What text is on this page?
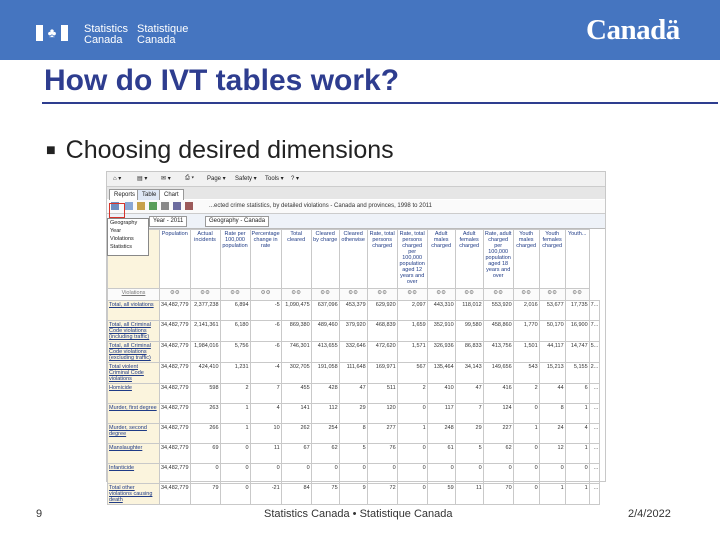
♣	Statistics
Canada
Statistique
Canada	Canadä
How do IVT tables work?
■ Choosing desired dimensions
⌂ ▾	▤ ▾ ✉ ▾ ⎙ ▾ Page ▾ Safety ▾ Tools ▾ ? ▾
Reports	Table	Chart
...ected crime statistics, by detailed violations - Canada and provinces, 1998 to 2011
Year - 2011	Geography - Canada
Geography
Year
Violations
Statistics
	Population	Actual incidents	Rate per 100,000 population	Percentage change in rate	Total cleared	Cleared by charge	Cleared otherwise	Rate, total persons charged	Rate, total persons charged per 100,000 population aged 12 years and over	Adult males charged	Adult females charged	Rate, adult charged per 100,000 population aged 18 years and over	Youth males charged	Youth females charged	Youth...	
Violations	⚙⚙	⚙⚙	⚙⚙	⚙⚙	⚙⚙	⚙⚙	⚙⚙	⚙⚙	⚙⚙	⚙⚙	⚙⚙	⚙⚙	⚙⚙	⚙⚙	⚙⚙	
Total, all violations	34,482,779	2,377,238	6,894	-5	1,090,475	637,096	453,379	629,920	2,097	443,310	118,012	553,920	2,016	53,677	17,735	7...
Total, all Criminal Code violations (including traffic)	34,482,779	2,141,361	6,180	-6	869,380	489,460	379,920	468,839	1,659	352,910	99,580	458,860	1,770	50,170	16,900	7...
Total, all Criminal Code violations (excluding traffic)	34,482,779	1,984,016	5,756	-6	746,301	413,655	332,646	472,620	1,571	326,936	86,833	413,756	1,501	44,117	14,747	5...
Total violent Criminal Code violations	34,482,779	424,410	1,231	-4	302,705	191,058	111,648	169,971	567	135,464	34,143	149,656	543	15,213	5,155	2...
Homicide	34,482,779	598	2	7	455	428	47	511	2	410	47	416	2	44	6	...
Murder, first degree	34,482,779	263	1	4	141	112	29	120	0	117	7	124	0	8	1	...
Murder, second degree	34,482,779	266	1	10	262	254	8	277	1	248	29	227	1	24	4	...
Manslaughter	34,482,779	69	0	11	67	62	5	76	0	61	5	62	0	12	1	...
Infanticide	34,482,779	0	0	0	0	0	0	0	0	0	0	0	0	0	0	...
Total other violations causing death	34,482,779	79	0	-21	84	75	9	72	0	59	11	70	0	1	1	...
9	Statistics Canada • Statistique Canada	2/4/2022
